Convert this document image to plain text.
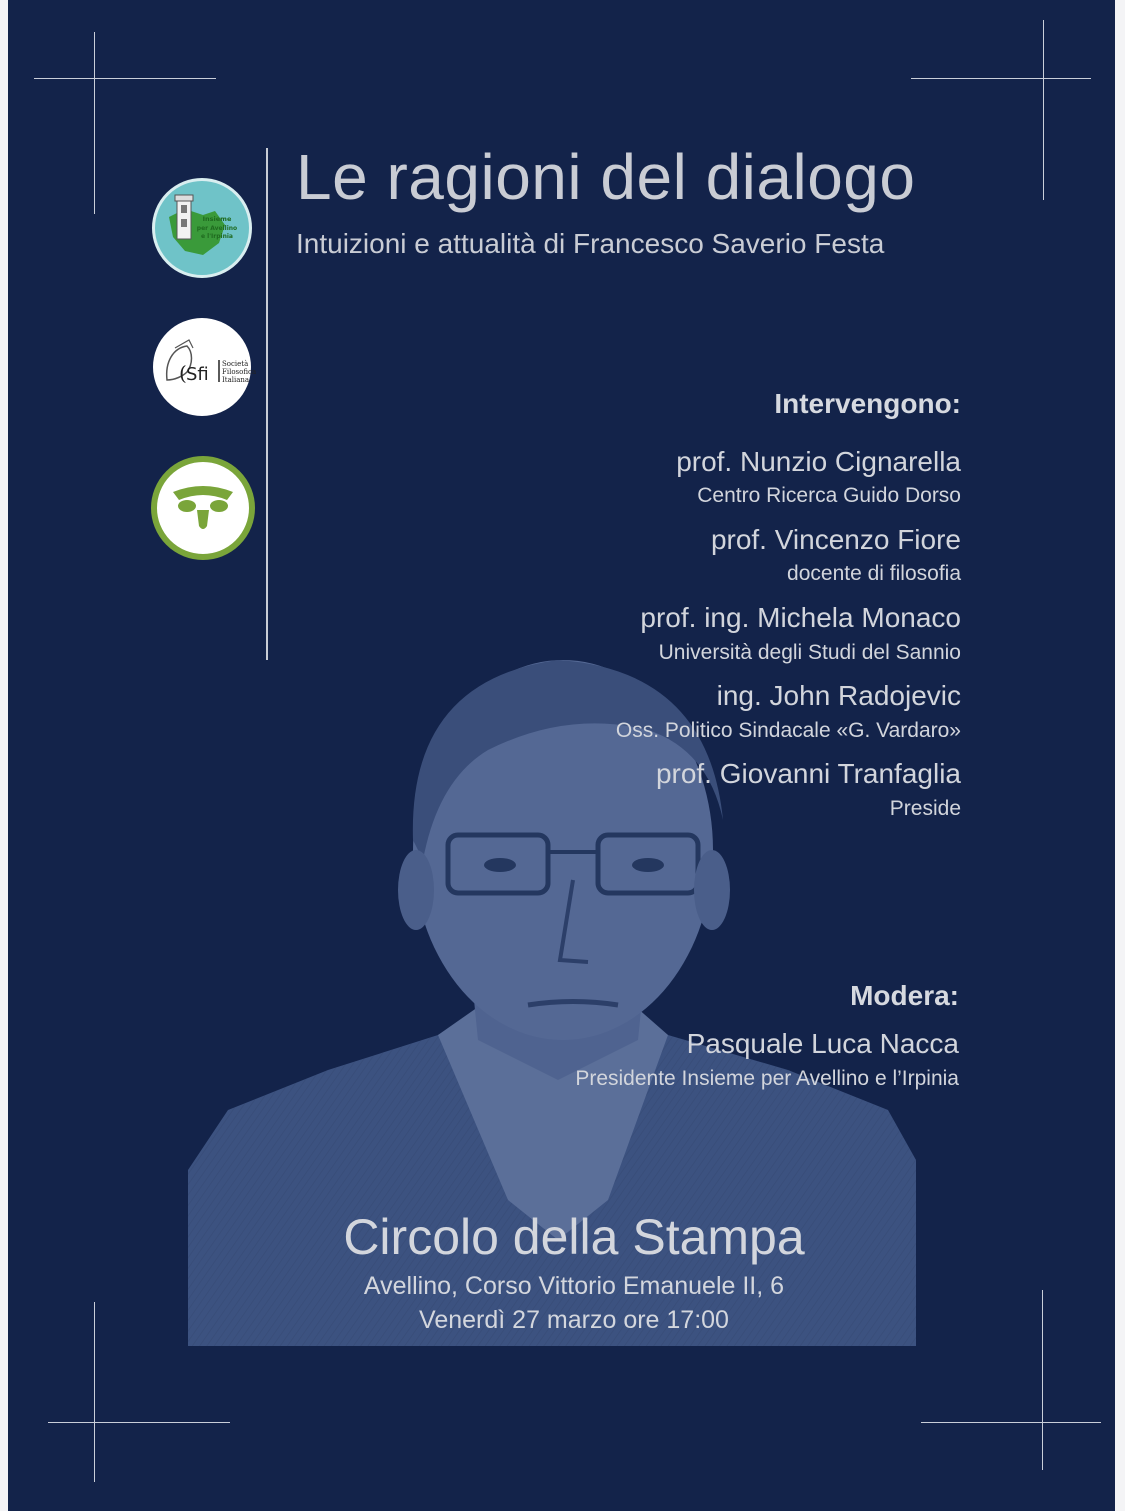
Insieme
per Avellino
e l'Irpinia
( Sfi Società
Filosofica
Italiana
Le ragioni del dialogo
Intuizioni e attualità di Francesco Saverio Festa
Intervengono:
prof. Nunzio Cignarella
Centro Ricerca Guido Dorso
prof. Vincenzo Fiore
docente di filosofia
prof. ing. Michela Monaco
Università degli Studi del Sannio
ing. John Radojevic
Oss. Politico Sindacale «G. Vardaro»
prof. Giovanni Tranfaglia
Preside
Modera:
Pasquale Luca Nacca
Presidente Insieme per Avellino e l’Irpinia
Circolo della Stampa
Avellino, Corso Vittorio Emanuele II, 6
Venerdì 27 marzo ore 17:00
